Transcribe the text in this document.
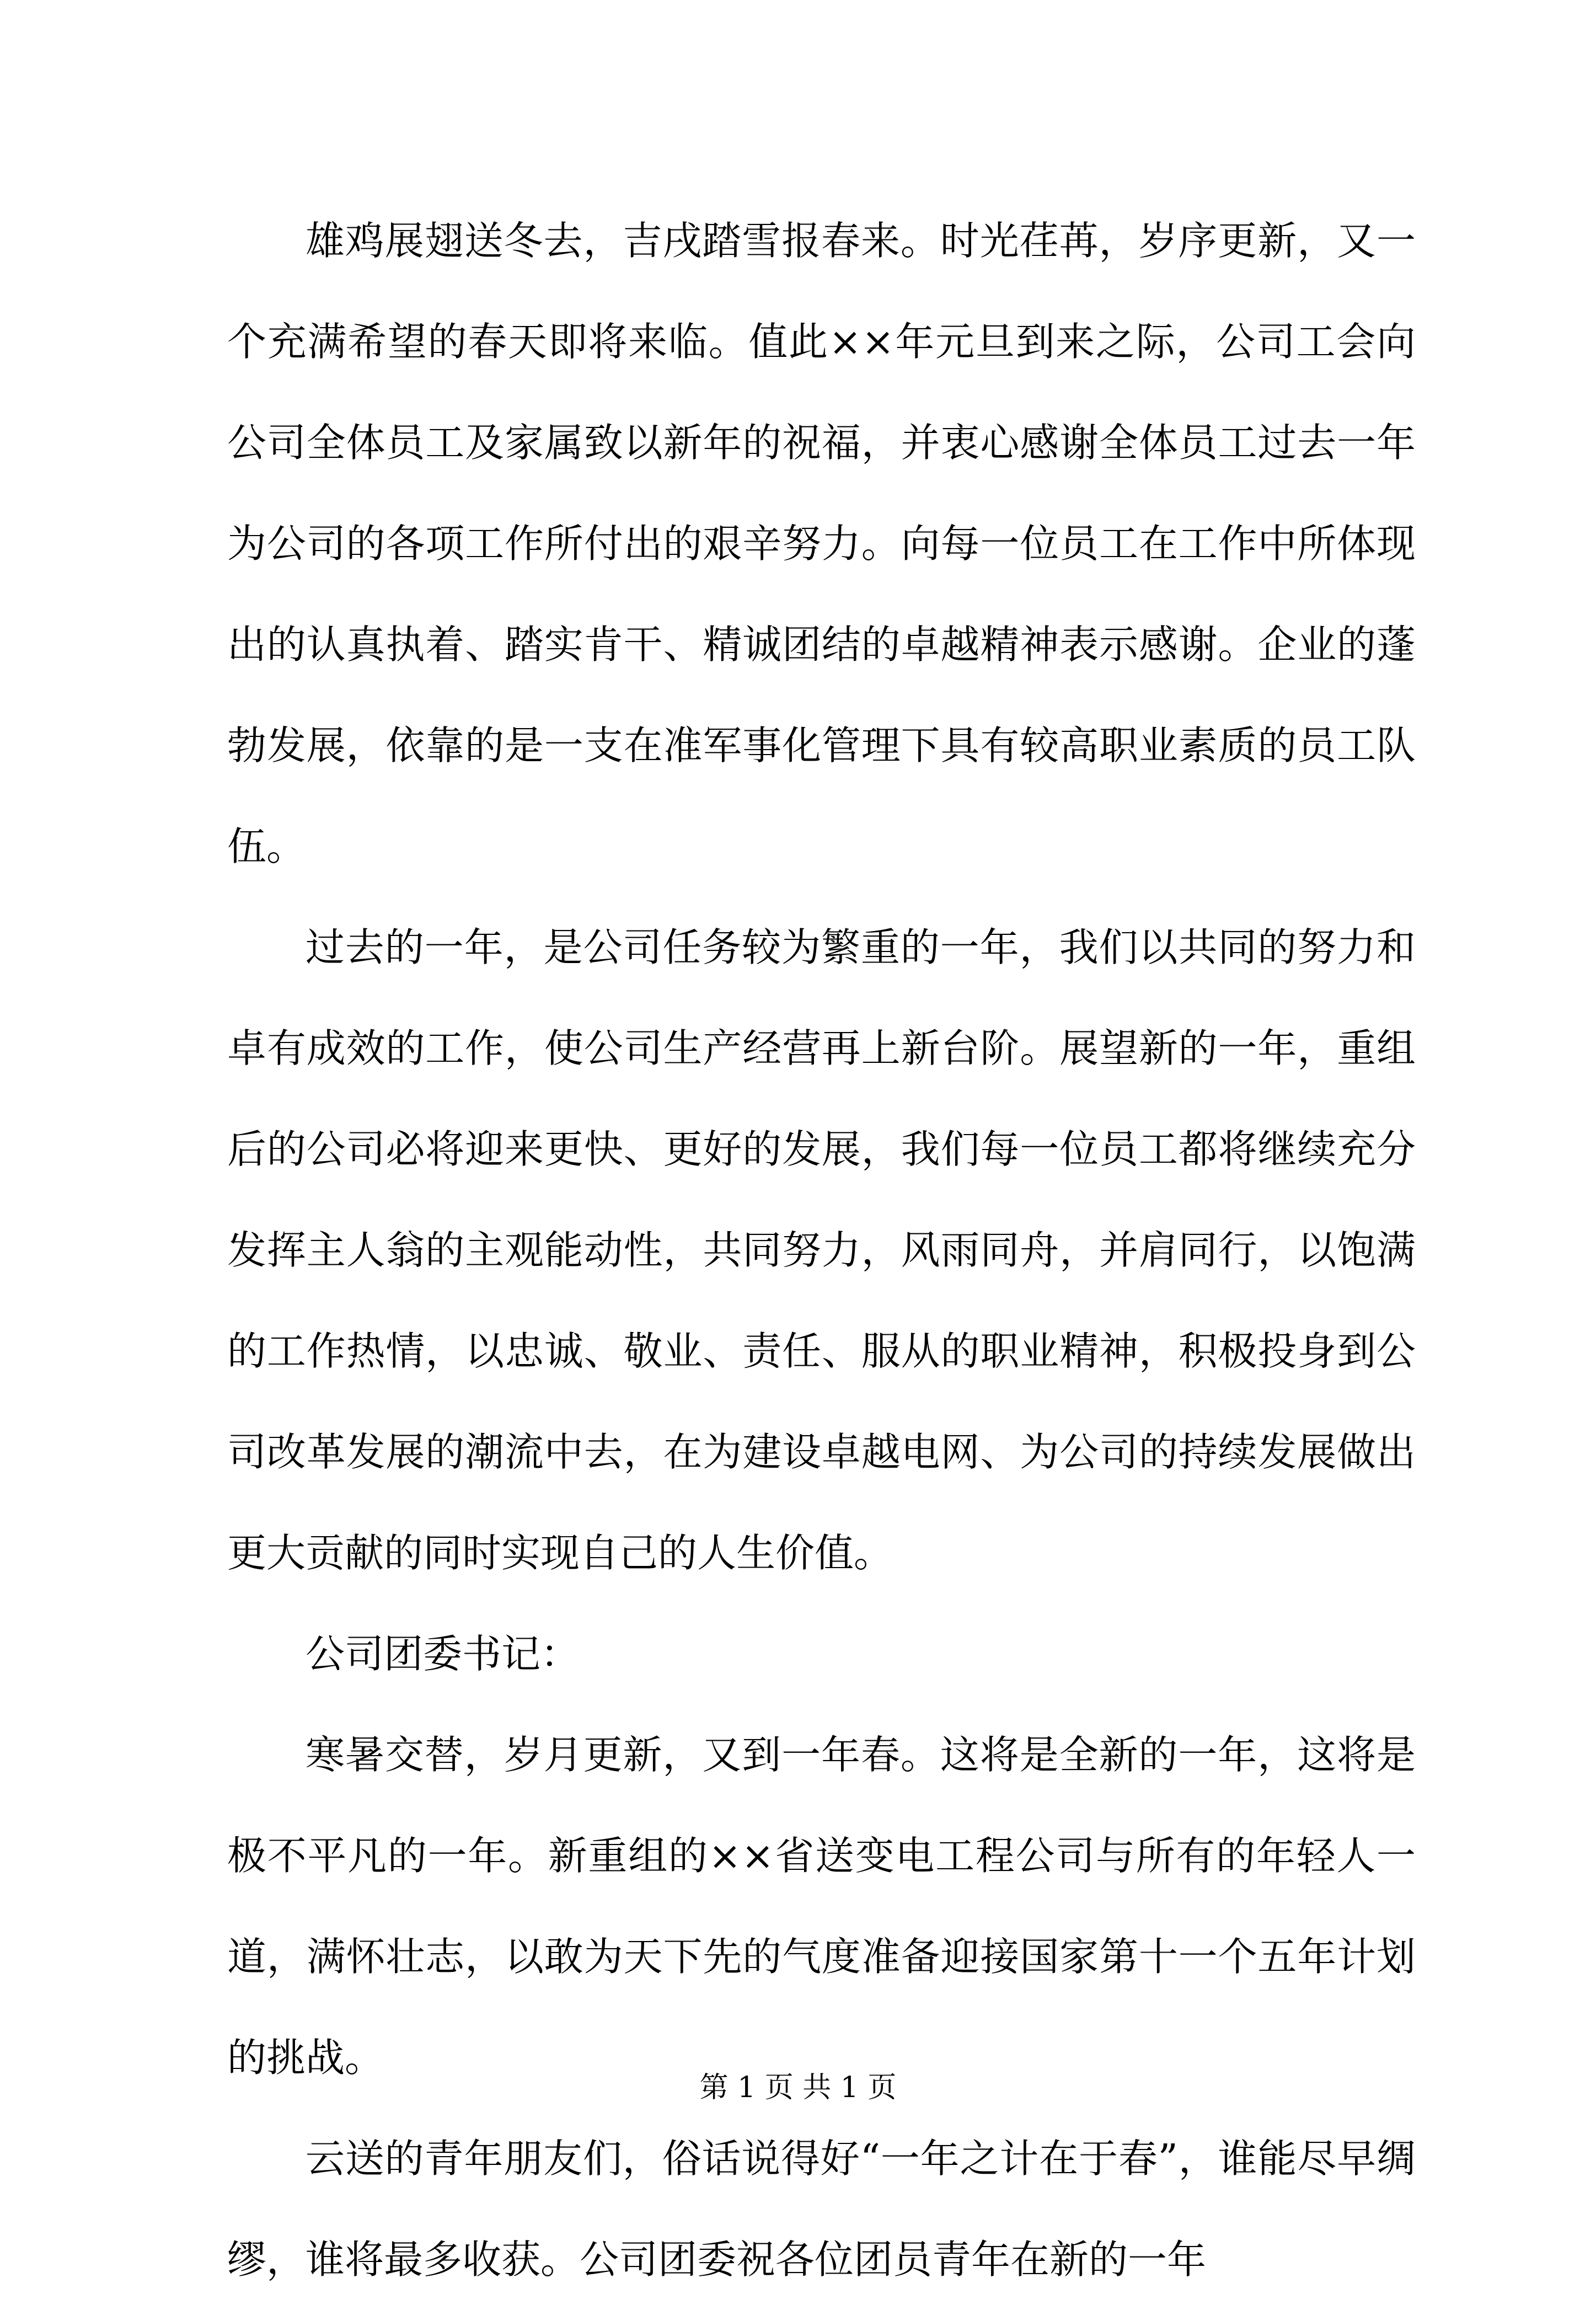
雄鸡展翅送冬去，吉戌踏雪报春来。时光荏苒，岁序更新，又一个充满希望的春天即将来临。值此××年元旦到来之际，公司工会向公司全体员工及家属致以新年的祝福，并衷心感谢全体员工过去一年为公司的各项工作所付出的艰辛努力。向每一位员工在工作中所体现出的认真执着、踏实肯干、精诚团结的卓越精神表示感谢。企业的蓬勃发展，依靠的是一支在准军事化管理下具有较高职业素质的员工队伍。

过去的一年，是公司任务较为繁重的一年，我们以共同的努力和卓有成效的工作，使公司生产经营再上新台阶。展望新的一年，重组后的公司必将迎来更快、更好的发展，我们每一位员工都将继续充分发挥主人翁的主观能动性，共同努力，风雨同舟，并肩同行，以饱满的工作热情，以忠诚、敬业、责任、服从的职业精神，积极投身到公司改革发展的潮流中去，在为建设卓越电网、为公司的持续发展做出更大贡献的同时实现自己的人生价值。

公司团委书记：

寒暑交替，岁月更新，又到一年春。这将是全新的一年，这将是极不平凡的一年。新重组的××省送变电工程公司与所有的年轻人一道，满怀壮志，以敢为天下先的气度准备迎接国家第十一个五年计划的挑战。

云送的青年朋友们，俗话说得好“一年之计在于春”，谁能尽早绸缪，谁将最多收获。公司团委祝各位团员青年在新的一年

第 1 页 共 1 页
